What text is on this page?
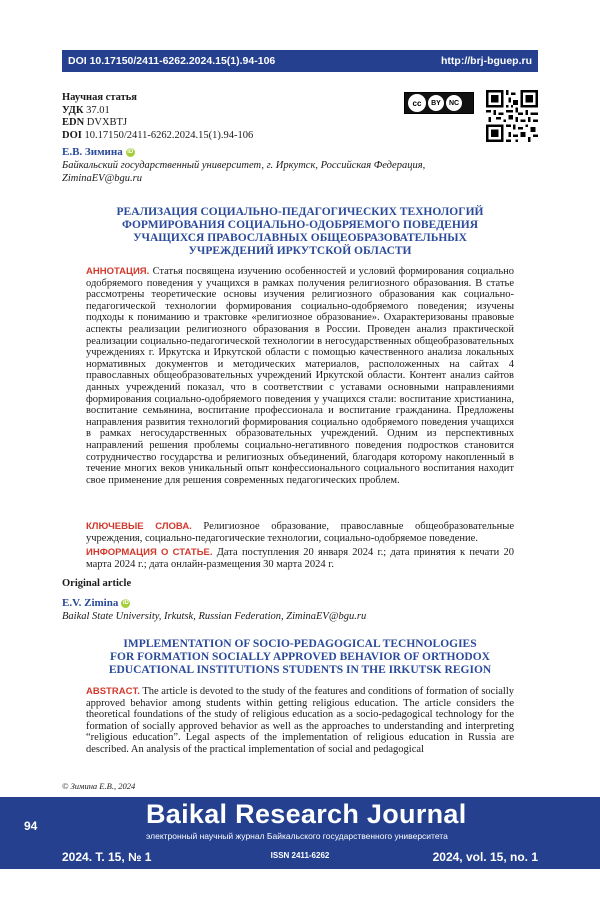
DOI 10.17150/2411-6262.2024.15(1).94-106	http://brj-bguep.ru
Научная статья
УДК 37.01
EDN DVXBTJ
DOI 10.17150/2411-6262.2024.15(1).94-106
cc	BY	NC
Е.В. Зимина iD
Байкальский государственный университет, г. Иркутск, Российская Федерация,
ZiminaEV@bgu.ru
РЕАЛИЗАЦИЯ СОЦИАЛЬНО-ПЕДАГОГИЧЕСКИХ ТЕХНОЛОГИЙ
ФОРМИРОВАНИЯ СОЦИАЛЬНО-ОДОБРЯЕМОГО ПОВЕДЕНИЯ
УЧАЩИХСЯ ПРАВОСЛАВНЫХ ОБЩЕОБРАЗОВАТЕЛЬНЫХ
УЧРЕЖДЕНИЙ ИРКУТСКОЙ ОБЛАСТИ
АННОТАЦИЯ. Статья посвящена изучению особенностей и условий формирования социально одобряемого поведения у учащихся в рамках получения религиозного образования. В статье рассмотрены теоретические основы изучения религиозного образования как социально-педагогической технологии формирования социально-одобряемого поведения; изучены подходы к пониманию и трактовке «религиозное образование». Охарактеризованы правовые аспекты реализации религиозного образования в России. Проведен анализ практической реализации социально-педагогической технологии в негосударственных общеобразовательных учреждениях г. Иркутска и Иркутской области с помощью качественного анализа локальных нормативных документов и методических материалов, расположенных на сайтах 4 православных общеобразовательных учреждений Иркутской области. Контент анализ сайтов данных учреждений показал, что в соответствии с уставами основными направлениями формирования социально-одобряемого поведения у учащихся стали: воспитание христианина, воспитание семьянина, воспитание профессионала и воспитание гражданина. Предложены направления развития технологий формирования социально одобряемого поведения учащихся в рамках негосударственных образовательных учреждений. Одним из перспективных направлений решения проблемы социально-негативного поведения подростков становится сотрудничество государства и религиозных объединений, благодаря которому накопленный в течение многих веков уникальный опыт конфессионального социального воспитания находит свое применение для решения современных педагогических проблем.
КЛЮЧЕВЫЕ СЛОВА. Религиозное образование, православные общеобразовательные учреждения, социально-педагогические технологии, социально-одобряемое поведение.
ИНФОРМАЦИЯ О СТАТЬЕ. Дата поступления 20 января 2024 г.; дата принятия к печати 20 марта 2024 г.; дата онлайн-размещения 30 марта 2024 г.
Original article
E.V. Zimina iD
Baikal State University, Irkutsk, Russian Federation, ZiminaEV@bgu.ru
IMPLEMENTATION OF SOCIO-PEDAGOGICAL TECHNOLOGIES
FOR FORMATION SOCIALLY APPROVED BEHAVIOR OF ORTHODOX
EDUCATIONAL INSTITUTIONS STUDENTS IN THE IRKUTSK REGION
ABSTRACT. The article is devoted to the study of the features and conditions of formation of socially approved behavior among students within getting religious education. The article considers the theoretical foundations of the study of religious education as a socio-pedagogical technology for the formation of socially approved behavior as well as the approaches to understanding and interpreting “religious education”. Legal aspects of the implementation of religious education in Russia are described. An analysis of the practical implementation of social and pedagogical
© Зимина Е.В., 2024
94	Baikal Research Journal
электронный научный журнал Байкальского государственного университета
2024. Т. 15, № 1	ISSN 2411-6262	2024, vol. 15, no. 1
